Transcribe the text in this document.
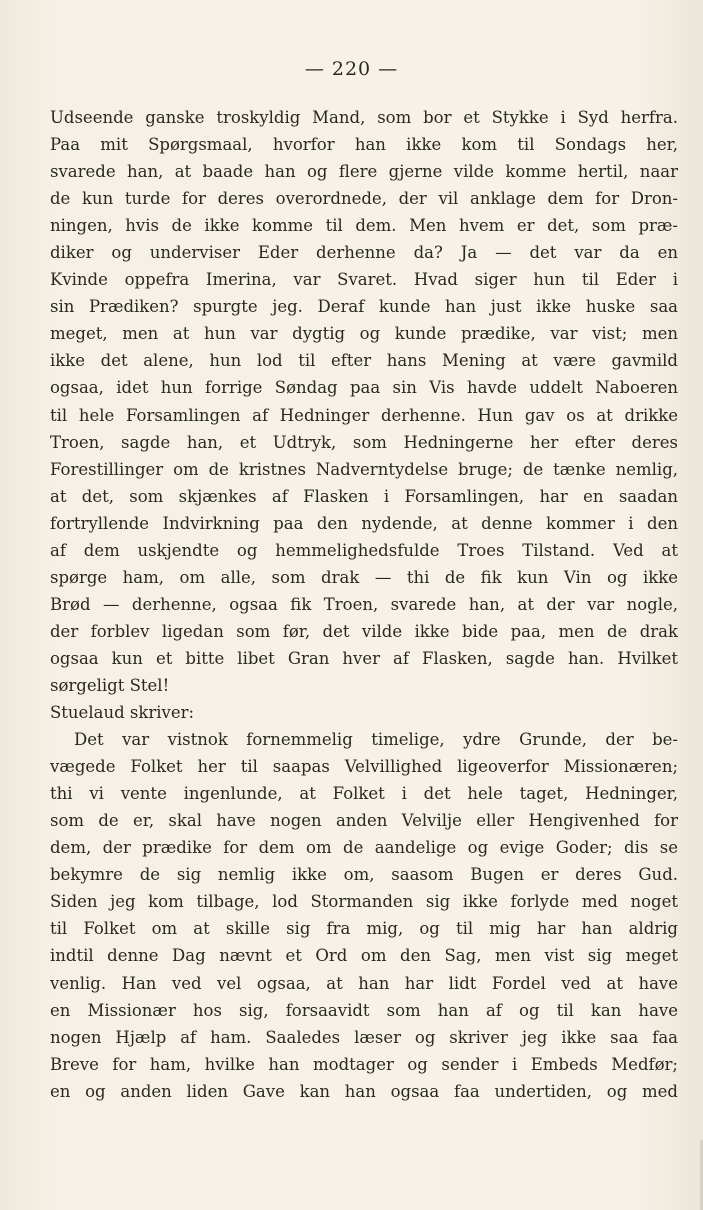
— 220 —
Udseende ganske troskyldig Mand, som bor et Stykke i Syd herfra.
Paa mit Spørgsmaal, hvorfor han ikke kom til Sondags her,
svarede han, at baade han og flere gjerne vilde komme hertil, naar
de kun turde for deres overordnede, der vil anklage dem for Dron-
ningen, hvis de ikke komme til dem. Men hvem er det, som præ-
diker og underviser Eder derhenne da? Ja — det var da en
Kvinde oppefra Imerina, var Svaret. Hvad siger hun til Eder i
sin Prædiken? spurgte jeg. Deraf kunde han just ikke huske saa
meget, men at hun var dygtig og kunde prædike, var vist; men
ikke det alene, hun lod til efter hans Mening at være gavmild
ogsaa, idet hun forrige Søndag paa sin Vis havde uddelt Naboeren
til hele Forsamlingen af Hedninger derhenne. Hun gav os at drikke
Troen, sagde han, et Udtryk, som Hedningerne her efter deres
Forestillinger om de kristnes Nadverntydelse bruge; de tænke nemlig,
at det, som skjænkes af Flasken i Forsamlingen, har en saadan
fortryllende Indvirkning paa den nydende, at denne kommer i den
af dem uskjendte og hemmelighedsfulde Troes Tilstand. Ved at
spørge ham, om alle, som drak — thi de fik kun Vin og ikke
Brød — derhenne, ogsaa fik Troen, svarede han, at der var nogle,
der forblev ligedan som før, det vilde ikke bide paa, men de drak
ogsaa kun et bitte libet Gran hver af Flasken, sagde han. Hvilket
sørgeligt Stel!
Stuelaud skriver:
Det var vistnok fornemmelig timelige, ydre Grunde, der be-
vægede Folket her til saapas Velvillighed ligeoverfor Missionæren;
thi vi vente ingenlunde, at Folket i det hele taget, Hedninger,
som de er, skal have nogen anden Velvilje eller Hengivenhed for
dem, der prædike for dem om de aandelige og evige Goder; dis se
bekymre de sig nemlig ikke om, saasom Bugen er deres Gud.
Siden jeg kom tilbage, lod Stormanden sig ikke forlyde med noget
til Folket om at skille sig fra mig, og til mig har han aldrig
indtil denne Dag nævnt et Ord om den Sag, men vist sig meget
venlig. Han ved vel ogsaa, at han har lidt Fordel ved at have
en Missionær hos sig, forsaavidt som han af og til kan have
nogen Hjælp af ham. Saaledes læser og skriver jeg ikke saa faa
Breve for ham, hvilke han modtager og sender i Embeds Medfør;
en og anden liden Gave kan han ogsaa faa undertiden, og med
